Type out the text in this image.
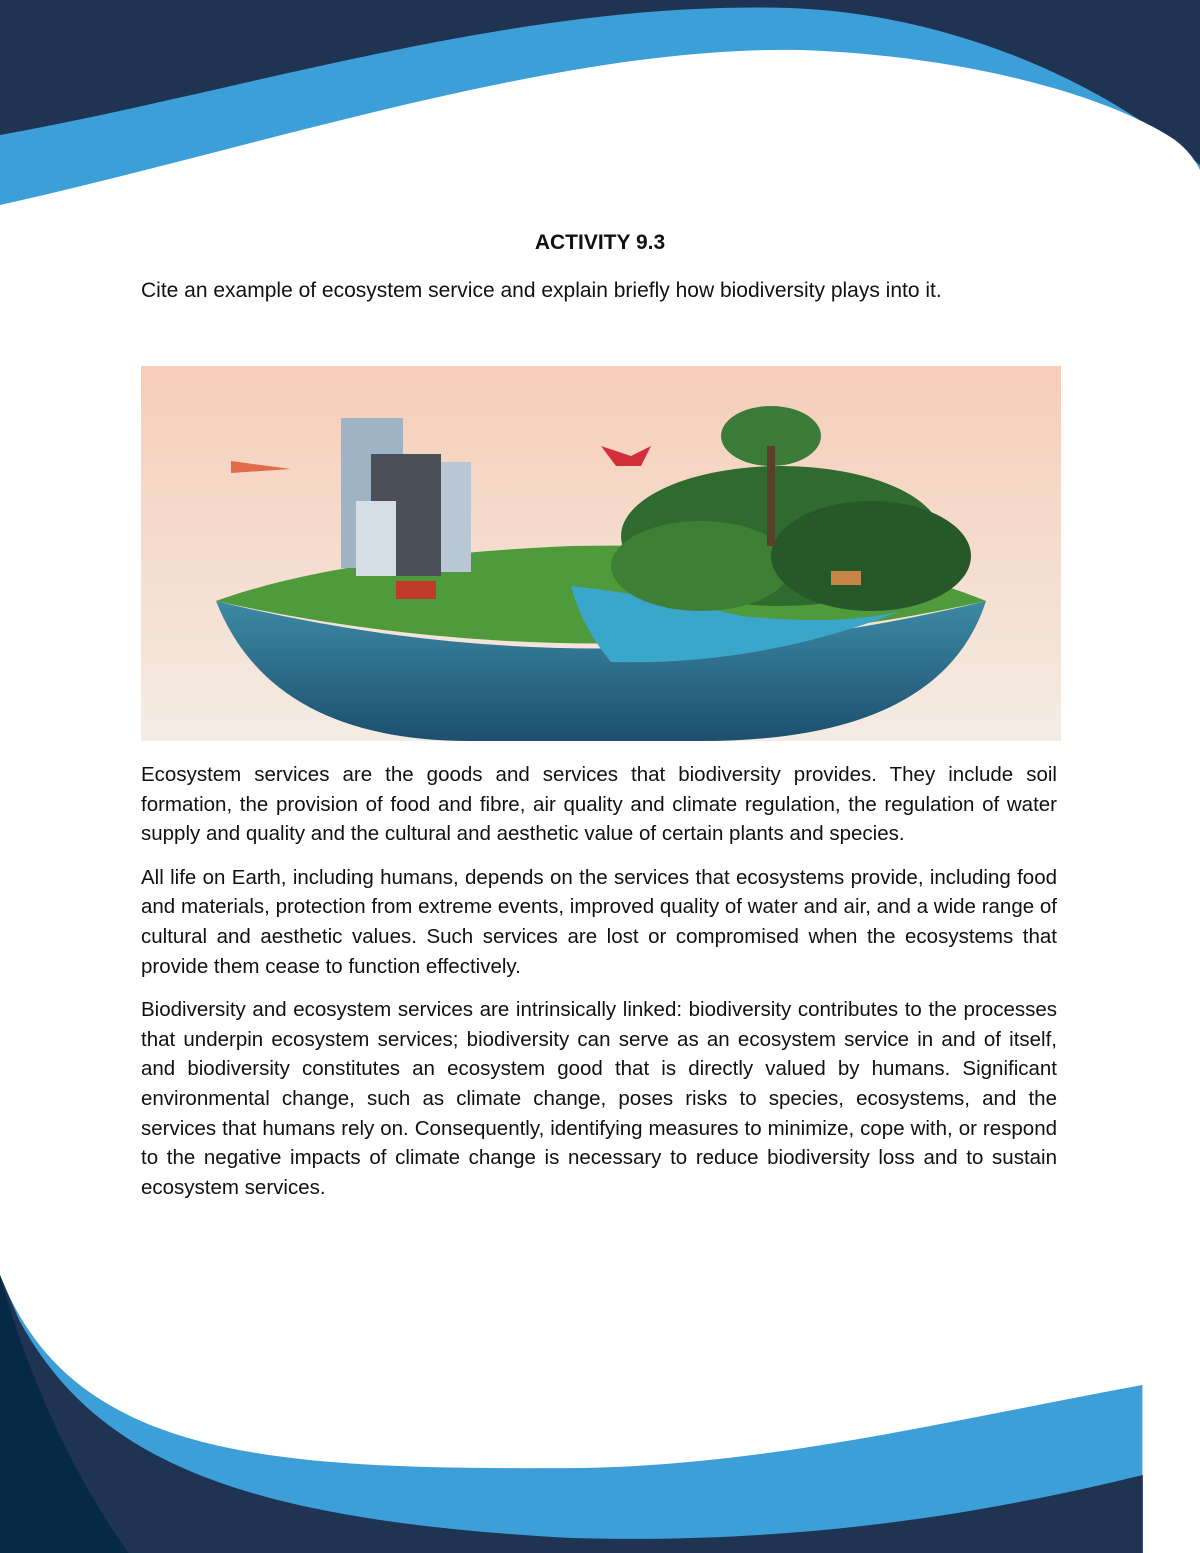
ACTIVITY 9.3
Cite an example of ecosystem service and explain briefly how biodiversity plays into it.

Ecosystem services are the goods and services that biodiversity provides. They include soil formation, the provision of food and fibre, air quality and climate regulation, the regulation of water supply and quality and the cultural and aesthetic value of certain plants and species.

All life on Earth, including humans, depends on the services that ecosystems provide, including food and materials, protection from extreme events, improved quality of water and air, and a wide range of cultural and aesthetic values. Such services are lost or compromised when the ecosystems that provide them cease to function effectively.

Biodiversity and ecosystem services are intrinsically linked: biodiversity contributes to the processes that underpin ecosystem services; biodiversity can serve as an ecosystem service in and of itself, and biodiversity constitutes an ecosystem good that is directly valued by humans. Significant environmental change, such as climate change, poses risks to species, ecosystems, and the services that humans rely on. Consequently, identifying measures to minimize, cope with, or respond to the negative impacts of climate change is necessary to reduce biodiversity loss and to sustain ecosystem services.
